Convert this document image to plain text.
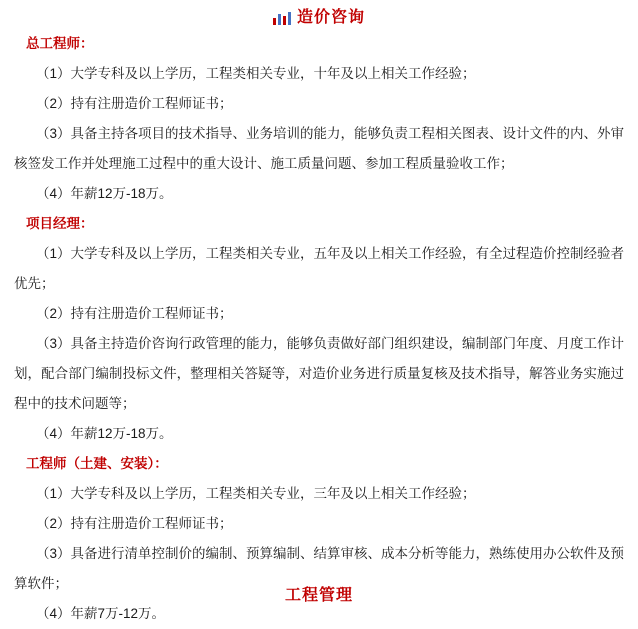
造价咨询
总工程师：

（1）大学专科及以上学历，工程类相关专业，十年及以上相关工作经验；

（2）持有注册造价工程师证书；

（3）具备主持各项目的技术指导、业务培训的能力，能够负责工程相关图表、设计文件的内、外审核签发工作并处理施工过程中的重大设计、施工质量问题、参加工程质量验收工作；

（4）年薪12万-18万。

项目经理：

（1）大学专科及以上学历，工程类相关专业，五年及以上相关工作经验，有全过程造价控制经验者优先；

（2）持有注册造价工程师证书；

（3）具备主持造价咨询行政管理的能力，能够负责做好部门组织建设，编制部门年度、月度工作计划，配合部门编制投标文件，整理相关答疑等，对造价业务进行质量复核及技术指导，解答业务实施过程中的技术问题等；

（4）年薪12万-18万。

工程师（土建、安装）：

（1）大学专科及以上学历，工程类相关专业，三年及以上相关工作经验；

（2）持有注册造价工程师证书；

（3）具备进行清单控制价的编制、预算编制、结算审核、成本分析等能力，熟练使用办公软件及预算软件；

（4）年薪7万-12万。

工程管理
